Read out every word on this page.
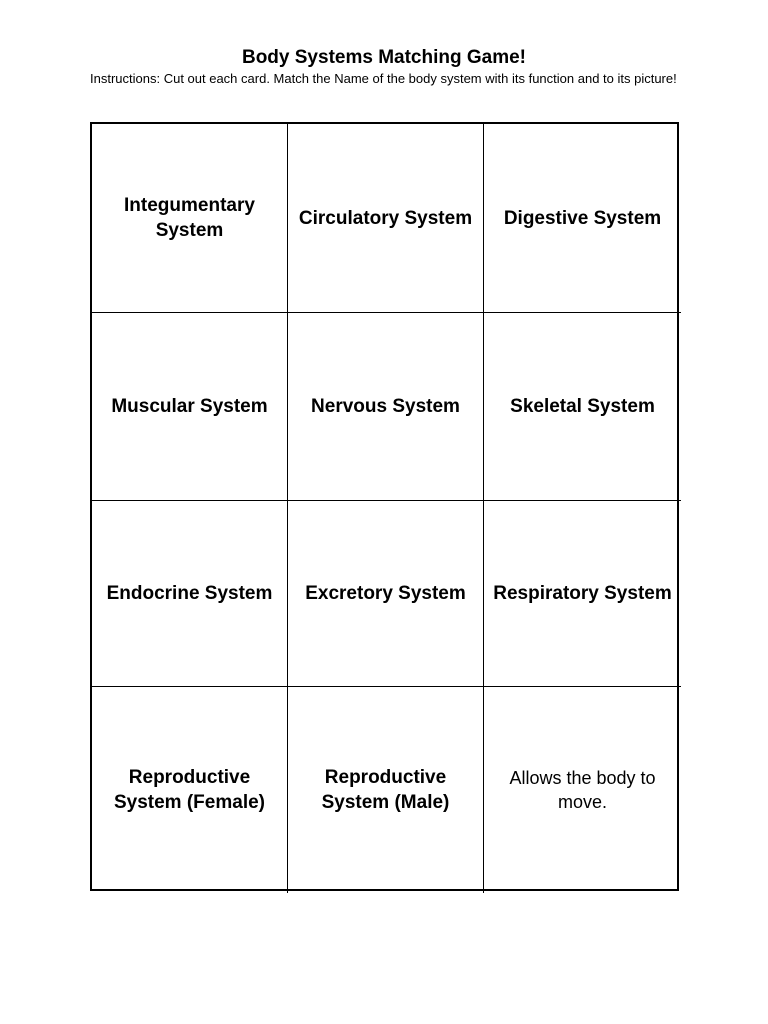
Body Systems Matching Game!
Instructions: Cut out each card. Match the Name of the body system with its function and to its picture!
Integumentary System
Circulatory System	Digestive System
Muscular System	Nervous System	Skeletal System
Endocrine System	Excretory System	Respiratory System
Reproductive System (Female)
Reproductive System (Male)
Allows the body to move.
